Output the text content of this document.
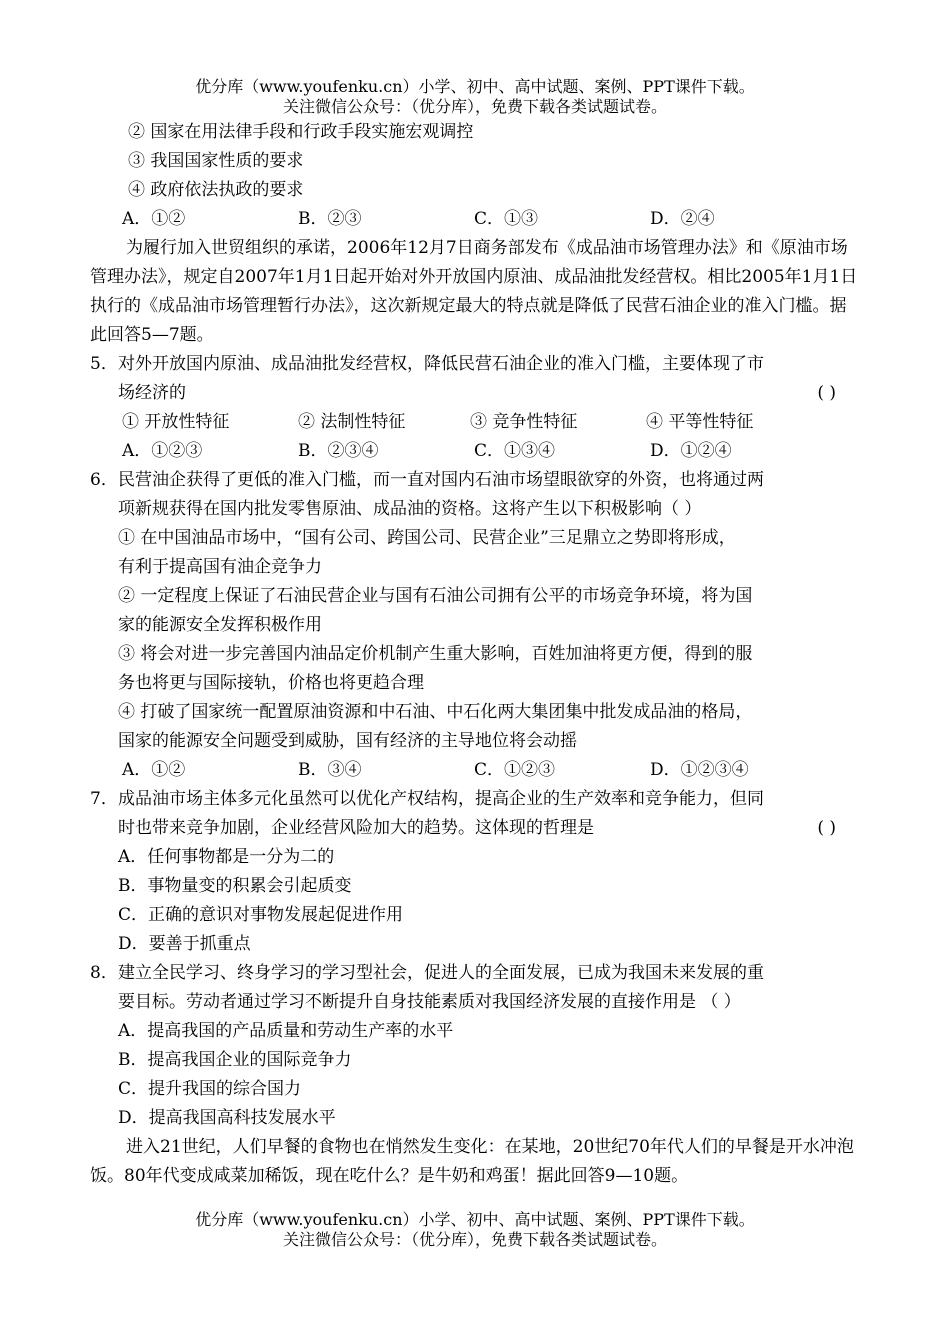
优分库（www.youfenku.cn）小学、初中、高中试题、案例、PPT课件下载。
关注微信公众号：（优分库），免费下载各类试题试卷。
② 国家在用法律手段和行政手段实施宏观调控
③ 我国国家性质的要求
④ 政府依法执政的要求
A．①②	B．②③	C．①③	D．②④
为履行加入世贸组织的承诺，2006年12月7日商务部发布《成品油市场管理办法》和《原油市场管理办法》，规定自2007年1月1日起开始对外开放国内原油、成品油批发经营权。相比2005年1月1日执行的《成品油市场管理暂行办法》，这次新规定最大的特点就是降低了民营石油企业的准入门槛。据此回答5—7题。
5． 对外开放国内原油、成品油批发经营权，降低民营石油企业的准入门槛，主要体现了市
场经济的	( )
① 开放性特征	② 法制性特征	③ 竞争性特征	④ 平等性特征
A．①②③	B．②③④	C．①③④	D．①②④
6． 民营油企获得了更低的准入门槛，而一直对国内石油市场望眼欲穿的外资，也将通过两
项新规获得在国内批发零售原油、成品油的资格。这将产生以下积极影响（ ）
① 在中国油品市场中，“国有公司、跨国公司、民营企业”三足鼎立之势即将形成，
有利于提高国有油企竞争力
② 一定程度上保证了石油民营企业与国有石油公司拥有公平的市场竞争环境，将为国
家的能源安全发挥积极作用
③ 将会对进一步完善国内油品定价机制产生重大影响，百姓加油将更方便，得到的服
务也将更与国际接轨，价格也将更趋合理
④ 打破了国家统一配置原油资源和中石油、中石化两大集团集中批发成品油的格局，
国家的能源安全问题受到威胁，国有经济的主导地位将会动摇
A．①②	B．③④	C．①②③	D．①②③④
7． 成品油市场主体多元化虽然可以优化产权结构，提高企业的生产效率和竞争能力，但同
时也带来竞争加剧，企业经营风险加大的趋势。这体现的哲理是	( )
A．任何事物都是一分为二的
B．事物量变的积累会引起质变
C．正确的意识对事物发展起促进作用
D．要善于抓重点
8． 建立全民学习、终身学习的学习型社会，促进人的全面发展，已成为我国未来发展的重
要目标。劳动者通过学习不断提升自身技能素质对我国经济发展的直接作用是 （ ）
A．提高我国的产品质量和劳动生产率的水平
B．提高我国企业的国际竞争力
C．提升我国的综合国力
D．提高我国高科技发展水平
进入21世纪，人们早餐的食物也在悄然发生变化：在某地，20世纪70年代人们的早餐是开水冲泡饭。80年代变成咸菜加稀饭，现在吃什么？是牛奶和鸡蛋！据此回答9—10题。
优分库（www.youfenku.cn）小学、初中、高中试题、案例、PPT课件下载。
关注微信公众号：（优分库），免费下载各类试题试卷。
